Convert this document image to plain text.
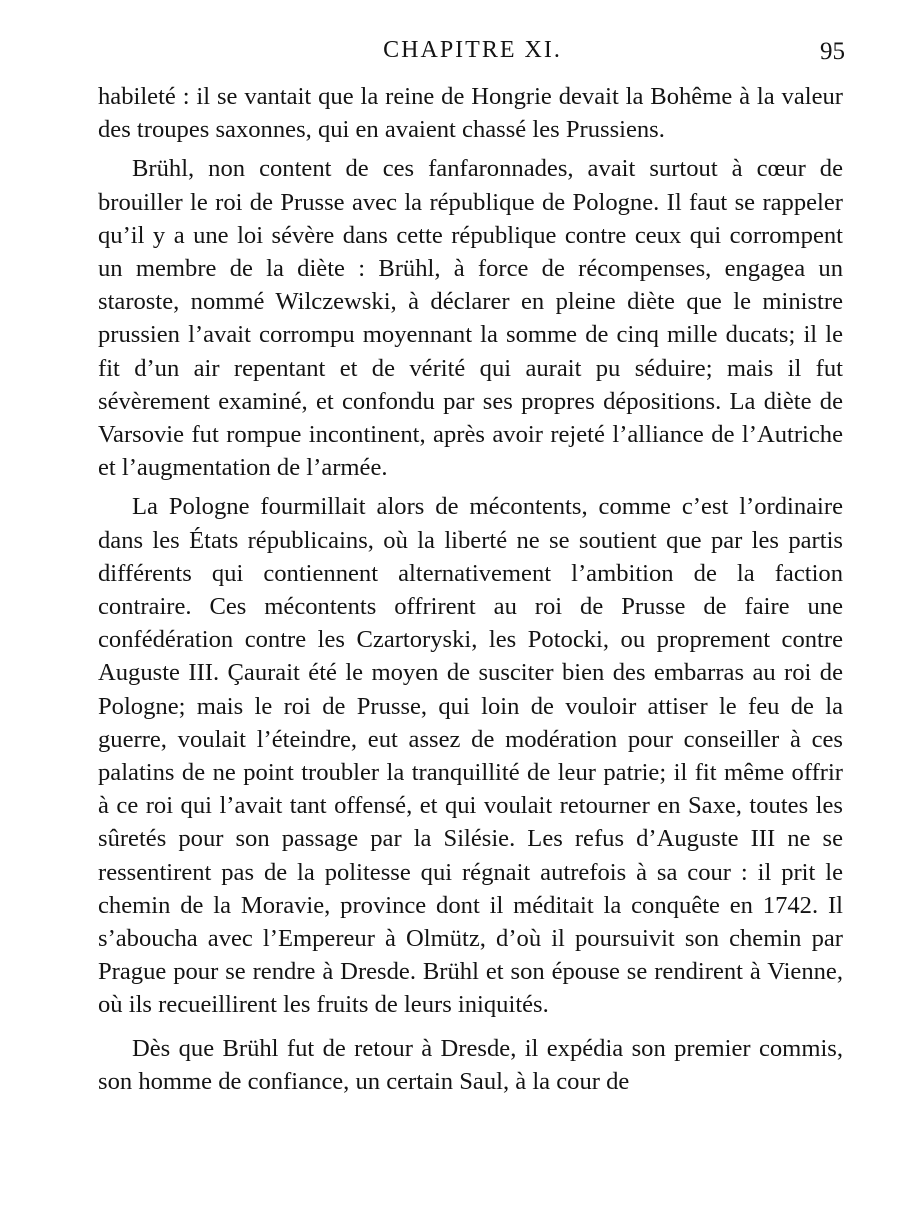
CHAPITRE XI.	95

habileté : il se vantait que la reine de Hongrie devait la Bohême à la valeur des troupes saxonnes, qui en avaient chassé les Prussiens.

Brühl, non content de ces fanfaronnades, avait surtout à cœur de brouiller le roi de Prusse avec la république de Pologne. Il faut se rappeler qu’il y a une loi sévère dans cette république contre ceux qui corrompent un membre de la diète : Brühl, à force de récompenses, engagea un staroste, nommé Wilczewski, à déclarer en pleine diète que le ministre prussien l’avait corrompu moyennant la somme de cinq mille ducats; il le fit d’un air repentant et de vérité qui aurait pu séduire; mais il fut sévèrement examiné, et confondu par ses propres dépositions. La diète de Varsovie fut rompue incontinent, après avoir rejeté l’alliance de l’Autriche et l’augmentation de l’armée.

La Pologne fourmillait alors de mécontents, comme c’est l’ordinaire dans les États républicains, où la liberté ne se soutient que par les partis différents qui contiennent alternativement l’ambition de la faction contraire. Ces mécontents offrirent au roi de Prusse de faire une confédération contre les Czartoryski, les Potocki, ou proprement contre Auguste III. Çaurait été le moyen de susciter bien des embarras au roi de Pologne; mais le roi de Prusse, qui loin de vouloir attiser le feu de la guerre, voulait l’éteindre, eut assez de modération pour conseiller à ces palatins de ne point troubler la tranquillité de leur patrie; il fit même offrir à ce roi qui l’avait tant offensé, et qui voulait retourner en Saxe, toutes les sûretés pour son passage par la Silésie. Les refus d’Auguste III ne se ressentirent pas de la politesse qui régnait autrefois à sa cour : il prit le chemin de la Moravie, province dont il méditait la conquête en 1742. Il s’aboucha avec l’Empereur à Olmütz, d’où il poursuivit son chemin par Prague pour se rendre à Dresde. Brühl et son épouse se rendirent à Vienne, où ils recueillirent les fruits de leurs iniquités.

Dès que Brühl fut de retour à Dresde, il expédia son premier commis, son homme de confiance, un certain Saul, à la cour de
